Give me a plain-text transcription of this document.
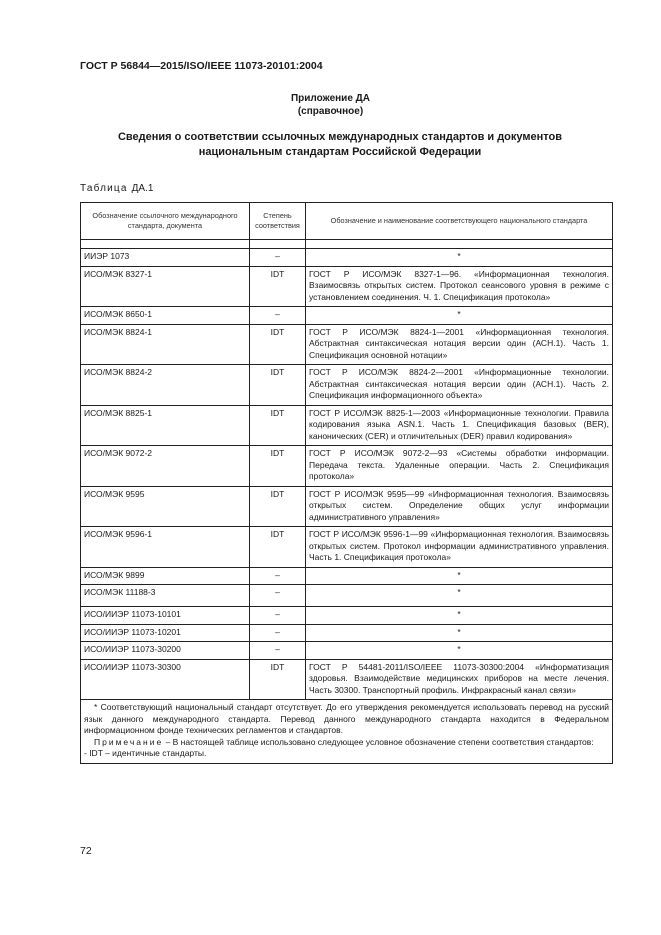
ГОСТ Р 56844—2015/ISO/IEEE 11073-20101:2004
Приложение ДА
(справочное)
Сведения о соответствии ссылочных международных стандартов и документов национальным стандартам Российской Федерации
Таблица ДА.1
Обозначение ссылочного международного стандарта, документа	Степень соответствия	Обозначение и наименование соответствующего национального стандарта

ИИЭР 1073	–	*
ИСО/МЭК 8327-1	IDT	ГОСТ Р ИСО/МЭК 8327-1—96. «Информационная технология. Взаимосвязь открытых систем. Протокол сеансового уровня в режиме с установлением соединения. Ч. 1. Спецификация протокола»
ИСО/МЭК 8650-1	–	*
ИСО/МЭК 8824-1	IDT	ГОСТ Р ИСО/МЭК 8824-1—2001 «Информационная технология. Абстрактная синтаксическая нотация версии один (АСН.1). Часть 1. Спецификация основной нотации»
ИСО/МЭК 8824-2	IDT	ГОСТ Р ИСО/МЭК 8824-2—2001 «Информационные технологии. Абстрактная синтаксическая нотация версии один (АСН.1). Часть 2. Спецификация информационного объекта»
ИСО/МЭК 8825-1	IDT	ГОСТ Р ИСО/МЭК 8825-1—2003 «Информационные технологии. Правила кодирования языка ASN.1. Часть 1. Спецификация базовых (BER), канонических (CER) и отличительных (DER) правил кодирования»
ИСО/МЭК 9072-2	IDT	ГОСТ Р ИСО/МЭК 9072-2—93 «Системы обработки информации. Передача текста. Удаленные операции. Часть 2. Спецификация протокола»
ИСО/МЭК 9595	IDT	ГОСТ Р ИСО/МЭК 9595—99 «Информационная технология. Взаимосвязь открытых систем. Определение общих услуг информации административного управления»
ИСО/МЭК 9596-1	IDT	ГОСТ Р ИСО/МЭК 9596-1—99 «Информационная технология. Взаимосвязь открытых систем. Протокол информации административного управления. Часть 1. Спецификация протокола»
ИСО/МЭК 9899	–	*
ИСО/МЭК 11188-3	–	*
ИСО/ИИЭР 11073-10101	–	*
ИСО/ИИЭР 11073-10201	–	*
ИСО/ИИЭР 11073-30200	–	*
ИСО/ИИЭР 11073-30300	IDT	ГОСТ Р 54481-2011/ISO/IEEE 11073-30300:2004 «Информатизация здоровья. Взаимодействие медицинских приборов на месте лечения. Часть 30300. Транспортный профиль. Инфракрасный канал связи»

* Соответствующий национальный стандарт отсутствует. До его утверждения рекомендуется использовать перевод на русский язык данного международного стандарта. Перевод данного международного стандарта находится в Федеральном информационном фонде технических регламентов и стандартов.

Примечание – В настоящей таблице использовано следующее условное обозначение степени соответствия стандартов:

- IDT – идентичные стандарты.		

72
